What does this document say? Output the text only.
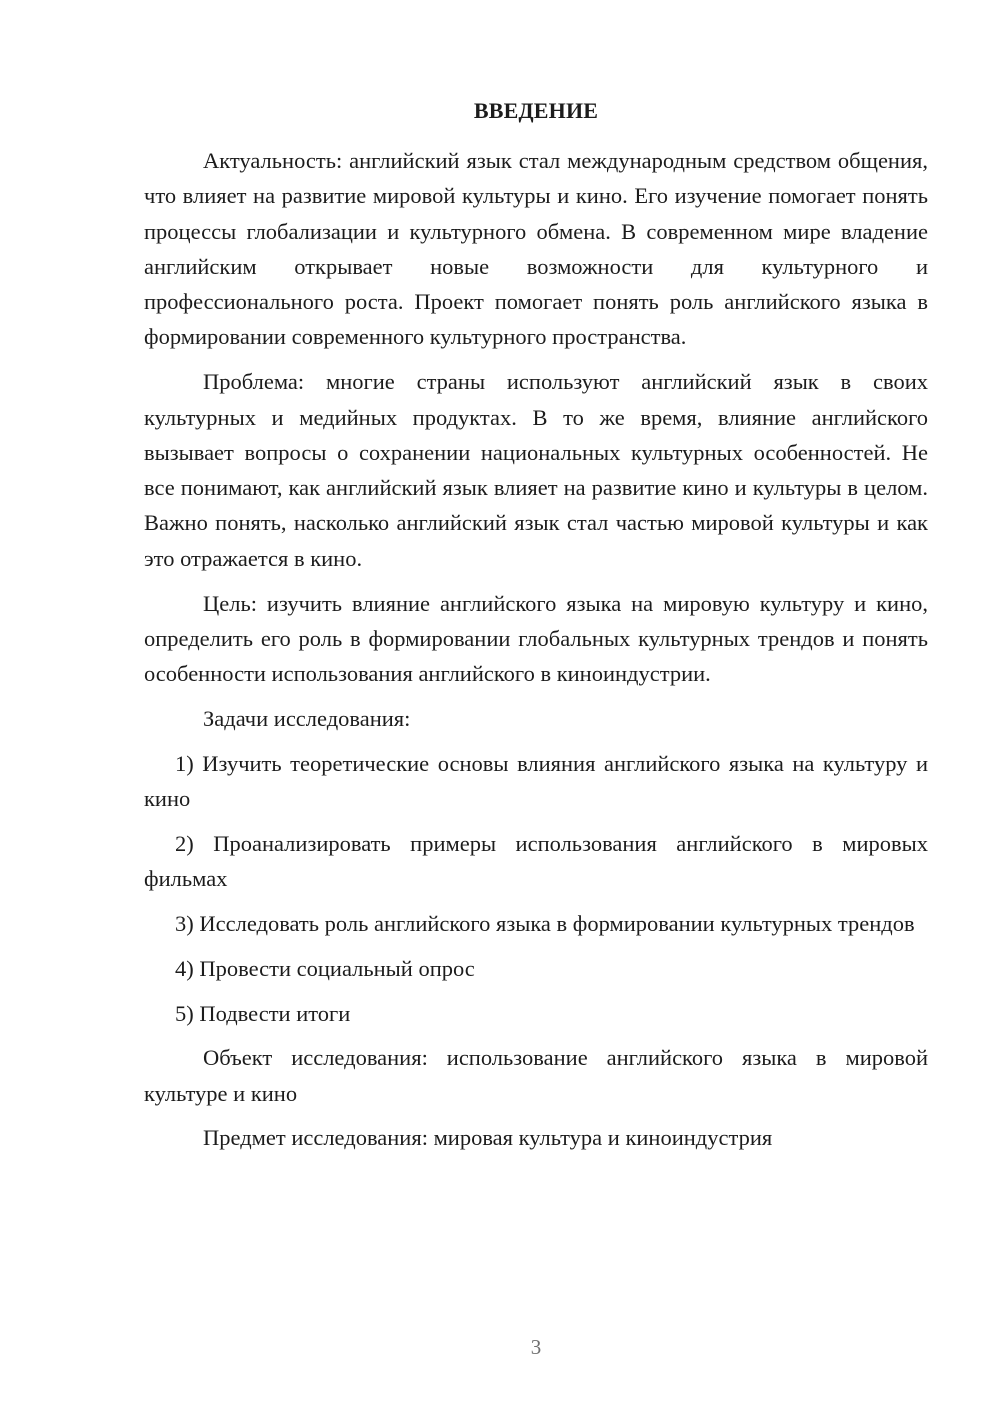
ВВЕДЕНИЕ

Актуальность: английский язык стал международным средством общения, что влияет на развитие мировой культуры и кино. Его изучение помогает понять процессы глобализации и культурного обмена. В современном мире владение английским открывает новые возможности для культурного и профессионального роста. Проект помогает понять роль английского языка в формировании современного культурного пространства.

Проблема: многие страны используют английский язык в своих культурных и медийных продуктах. В то же время, влияние английского вызывает вопросы о сохранении национальных культурных особенностей. Не все понимают, как английский язык влияет на развитие кино и культуры в целом. Важно понять, насколько английский язык стал частью мировой культуры и как это отражается в кино.

Цель: изучить влияние английского языка на мировую культуру и кино, определить его роль в формировании глобальных культурных трендов и понять особенности использования английского в киноиндустрии.

Задачи исследования:

1) Изучить теоретические основы влияния английского языка на культуру и кино

2) Проанализировать примеры использования английского в мировых фильмах

3) Исследовать роль английского языка в формировании культурных трендов

4) Провести социальный опрос

5) Подвести итоги

Объект исследования: использование английского языка в мировой культуре и кино

Предмет исследования: мировая культура и киноиндустрия

3
